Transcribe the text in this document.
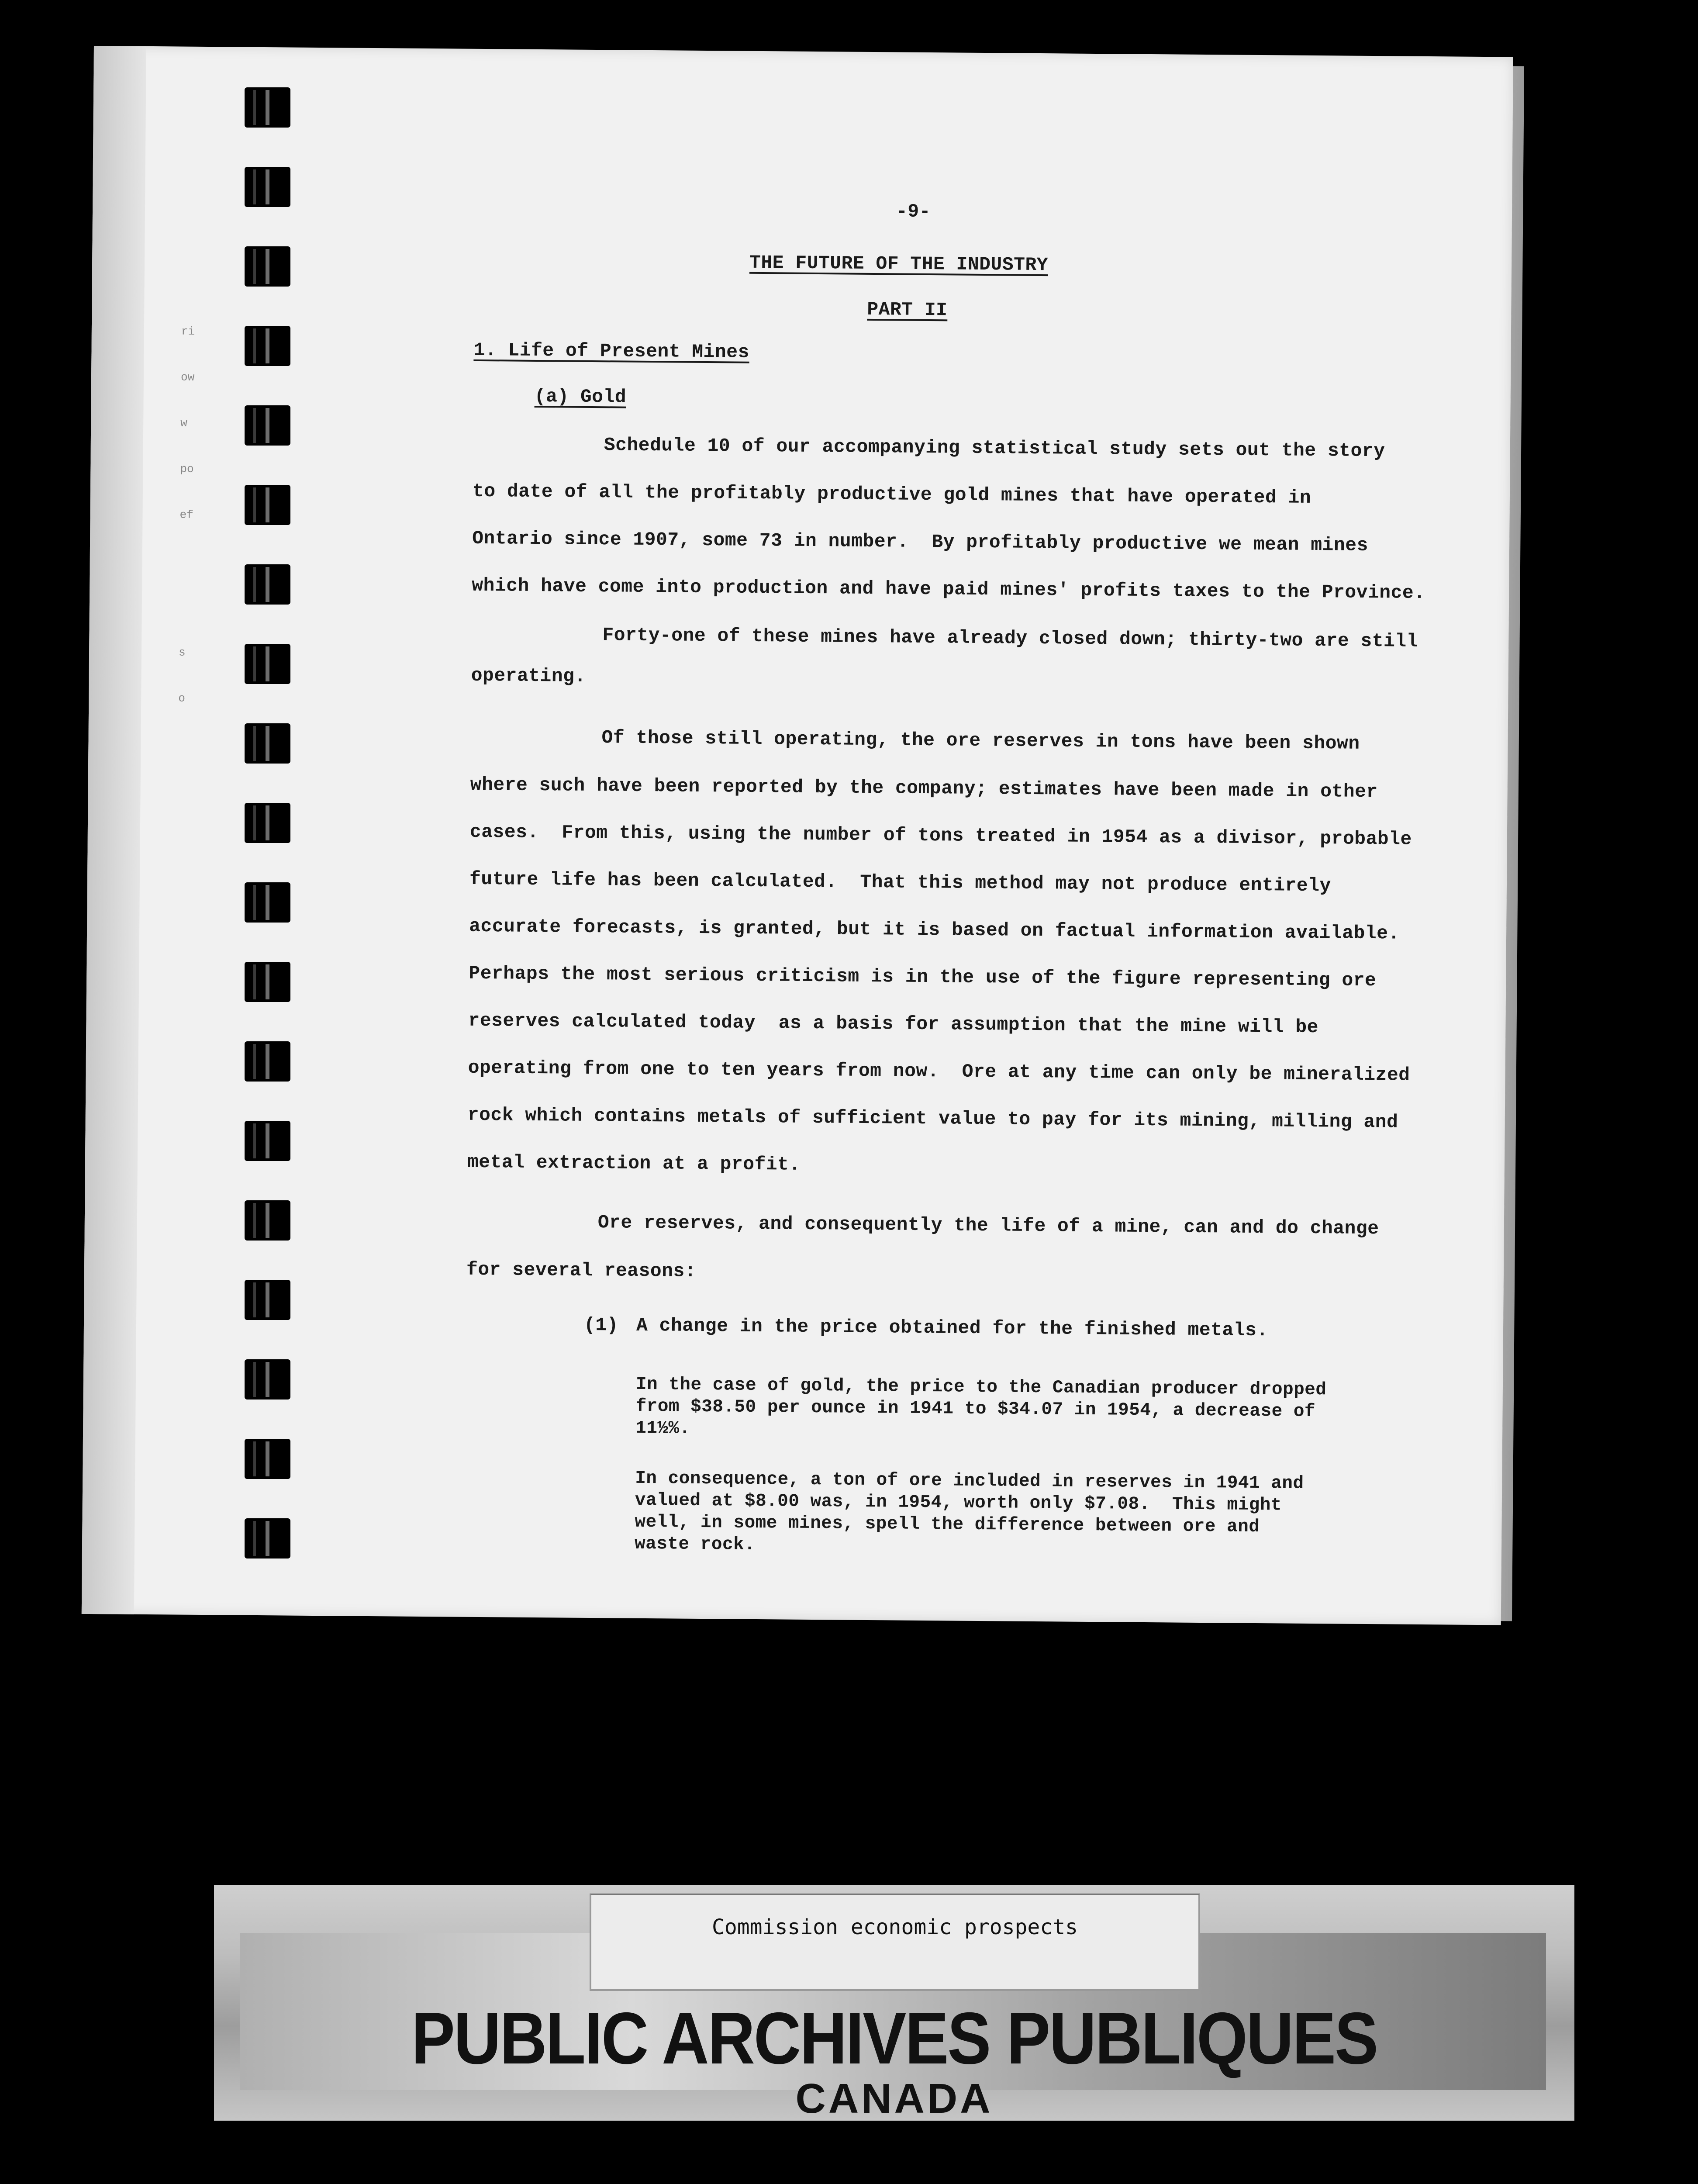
ri
ow
w
po
ef
s
o
-9-
THE FUTURE OF THE INDUSTRY
PART II
1. Life of Present Mines
(a) Gold
Schedule 10 of our accompanying statistical study sets out the story
to date of all the profitably productive gold mines that have operated in
Ontario since 1907, some 73 in number.  By profitably productive we mean mines
which have come into production and have paid mines' profits taxes to the Province.
Forty-one of these mines have already closed down; thirty-two are still
operating.
Of those still operating, the ore reserves in tons have been shown
where such have been reported by the company; estimates have been made in other
cases.  From this, using the number of tons treated in 1954 as a divisor, probable
future life has been calculated.  That this method may not produce entirely
accurate forecasts, is granted, but it is based on factual information available.
Perhaps the most serious criticism is in the use of the figure representing ore
reserves calculated today  as a basis for assumption that the mine will be
operating from one to ten years from now.  Ore at any time can only be mineralized
rock which contains metals of sufficient value to pay for its mining, milling and
metal extraction at a profit.
Ore reserves, and consequently the life of a mine, can and do change
for several reasons:
(1) A change in the price obtained for the finished metals.
In the case of gold, the price to the Canadian producer dropped
from $38.50 per ounce in 1941 to $34.07 in 1954, a decrease of
11½%.
In consequence, a ton of ore included in reserves in 1941 and
valued at $8.00 was, in 1954, worth only $7.08.  This might
well, in some mines, spell the difference between ore and
waste rock.
Commission economic prospects
PUBLIC ARCHIVES PUBLIQUES
CANADA
